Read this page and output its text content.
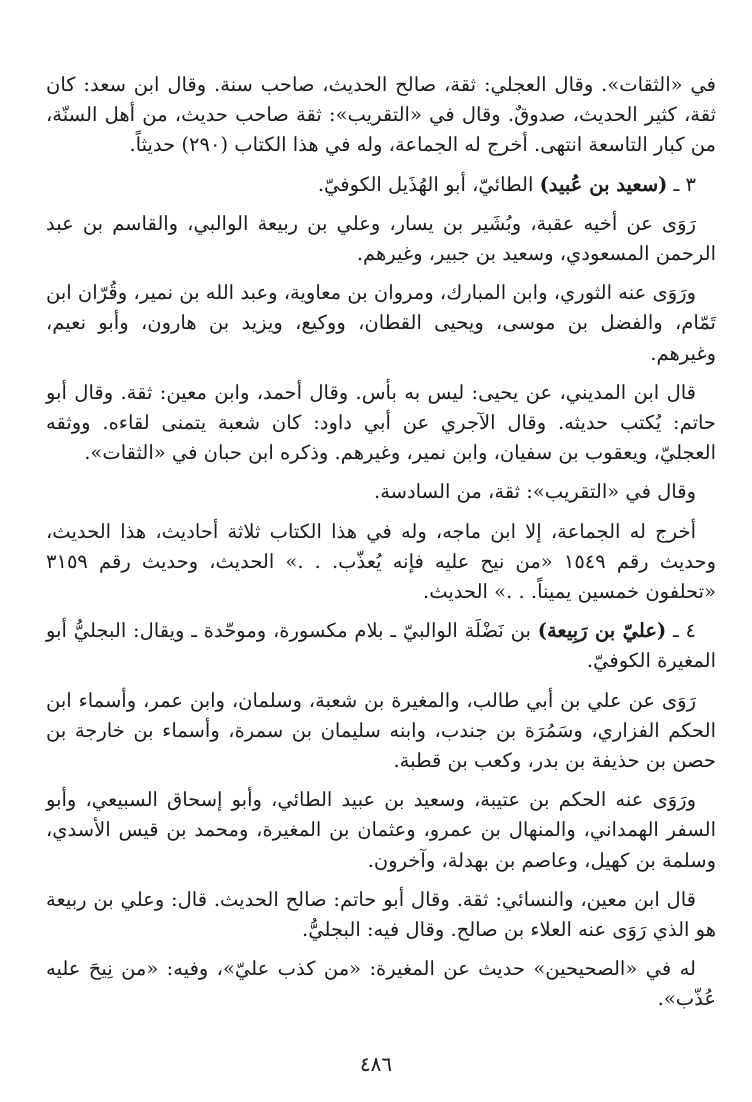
في «الثقات». وقال العجلي: ثقة، صالح الحديث، صاحب سنة. وقال ابن سعد: كان ثقة، كثير الحديث، صدوقٌ. وقال في «التقريب»: ثقة صاحب حديث، من أهل السنّة، من كبار التاسعة انتهى. أخرج له الجماعة، وله في هذا الكتاب (٢٩٠) حديثاً.

٣ ـ (سعيد بن عُبيد) الطائيّ، أبو الهُذَيل الكوفيّ.

رَوَى عن أخيه عقبة، وبُشَير بن يسار، وعلي بن ربيعة الوالبي، والقاسم بن عبد الرحمن المسعودي، وسعيد بن جبير، وغيرهم.

ورَوَى عنه الثوري، وابن المبارك، ومروان بن معاوية، وعبد الله بن نمير، وقُرّان ابن تَمّام، والفضل بن موسى، ويحيى القطان، ووكيع، ويزيد بن هارون، وأبو نعيم، وغيرهم.

قال ابن المديني، عن يحيى: ليس به بأس. وقال أحمد، وابن معين: ثقة. وقال أبو حاتم: يُكتب حديثه. وقال الآجري عن أبي داود: كان شعبة يتمنى لقاءه. ووثقه العجليّ، ويعقوب بن سفيان، وابن نمير، وغيرهم. وذكره ابن حبان في «الثقات».

وقال في «التقريب»: ثقة، من السادسة.

أخرج له الجماعة، إلا ابن ماجه، وله في هذا الكتاب ثلاثة أحاديث، هذا الحديث، وحديث رقم ١٥٤٩ «من نيح عليه فإنه يُعذّب. . .» الحديث، وحديث رقم ٣١٥٩ «تحلفون خمسين يميناً. . .» الحديث.

٤ ـ (عليّ بن رَبِيعة) بن نَضْلَة الوالبيّ ـ بلام مكسورة، وموحّدة ـ ويقال: البجليُّ أبو المغيرة الكوفيّ.

رَوَى عن علي بن أبي طالب، والمغيرة بن شعبة، وسلمان، وابن عمر، وأسماء ابن الحكم الفزاري، وسَمُرَة بن جندب، وابنه سليمان بن سمرة، وأسماء بن خارجة بن حصن بن حذيفة بن بدر، وكعب بن قطبة.

ورَوَى عنه الحكم بن عتيبة، وسعيد بن عبيد الطائي، وأبو إسحاق السبيعي، وأبو السفر الهمداني، والمنهال بن عمرو، وعثمان بن المغيرة، ومحمد بن قيس الأسدي، وسلمة بن كهيل، وعاصم بن بهدلة، وآخرون.

قال ابن معين، والنسائي: ثقة. وقال أبو حاتم: صالح الحديث. قال: وعلي بن ربيعة هو الذي رَوَى عنه العلاء بن صالح. وقال فيه: البجليُّ.

له في «الصحيحين» حديث عن المغيرة: «من كذب عليّ»، وفيه: «من نِيحَ عليه عُذّب».

٤٨٦
